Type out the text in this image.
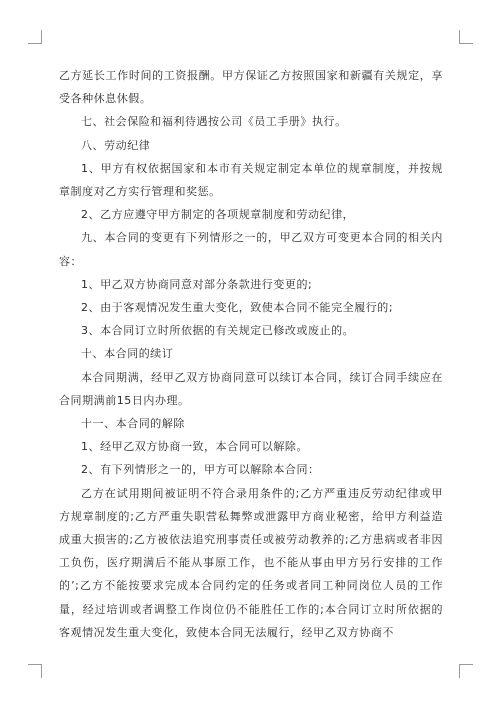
乙方延长工作时间的工资报酬。甲方保证乙方按照国家和新疆有关规定，享受各种休息休假。

七、社会保险和福利待遇按公司《员工手册》执行。

八、劳动纪律

1、甲方有权依据国家和本市有关规定制定本单位的规章制度，并按规章制度对乙方实行管理和奖惩。

2、乙方应遵守甲方制定的各项规章制度和劳动纪律，

九、本合同的变更有下列情形之一的，甲乙双方可变更本合同的相关内容：

1、甲乙双方协商同意对部分条款进行变更的;

2、由于客观情况发生重大变化，致使本合同不能完全履行的;

3、本合同订立时所依据的有关规定已修改或废止的。

十、本合同的续订

本合同期满，经甲乙双方协商同意可以续订本合同，续订合同手续应在合同期满前15日内办理。

十一、本合同的解除

1、经甲乙双方协商一致，本合同可以解除。

2、有下列情形之一的，甲方可以解除本合同：

乙方在试用期间被证明不符合录用条件的;乙方严重违反劳动纪律或甲方规章制度的;乙方严重失职营私舞弊或泄露甲方商业秘密，给甲方利益造成重大损害的;乙方被依法追究刑事责任或被劳动教养的;乙方患病或者非因工负伤，医疗期满后不能从事原工作，也不能从事由甲方另行安排的工作的’;乙方不能按要求完成本合同约定的任务或者同工种同岗位人员的工作量，经过培训或者调整工作岗位仍不能胜任工作的;本合同订立时所依据的客观情况发生重大变化，致使本合同无法履行，经甲乙双方协商不
